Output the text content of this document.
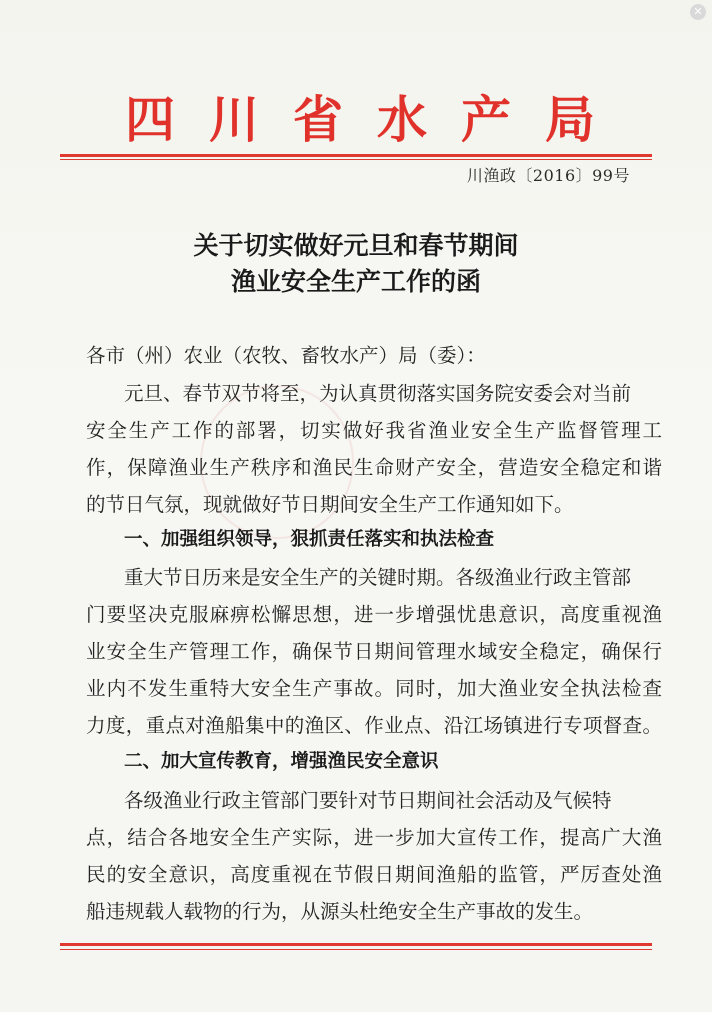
✕
四 川 省 水 产 局
川渔政〔2016〕99号
关于切实做好元旦和春节期间
渔业安全生产工作的函
各市（州）农业（农牧、畜牧水产）局（委）：
元旦、春节双节将至，为认真贯彻落实国务院安委会对当前
安全生产工作的部署，切实做好我省渔业安全生产监督管理工
作，保障渔业生产秩序和渔民生命财产安全，营造安全稳定和谐
的节日气氛，现就做好节日期间安全生产工作通知如下。
一、加强组织领导，狠抓责任落实和执法检查
重大节日历来是安全生产的关键时期。各级渔业行政主管部
门要坚决克服麻痹松懈思想，进一步增强忧患意识，高度重视渔
业安全生产管理工作，确保节日期间管理水域安全稳定，确保行
业内不发生重特大安全生产事故。同时，加大渔业安全执法检查
力度，重点对渔船集中的渔区、作业点、沿江场镇进行专项督查。
二、加大宣传教育，增强渔民安全意识
各级渔业行政主管部门要针对节日期间社会活动及气候特
点，结合各地安全生产实际，进一步加大宣传工作，提高广大渔
民的安全意识，高度重视在节假日期间渔船的监管，严厉查处渔
船违规载人载物的行为，从源头杜绝安全生产事故的发生。
